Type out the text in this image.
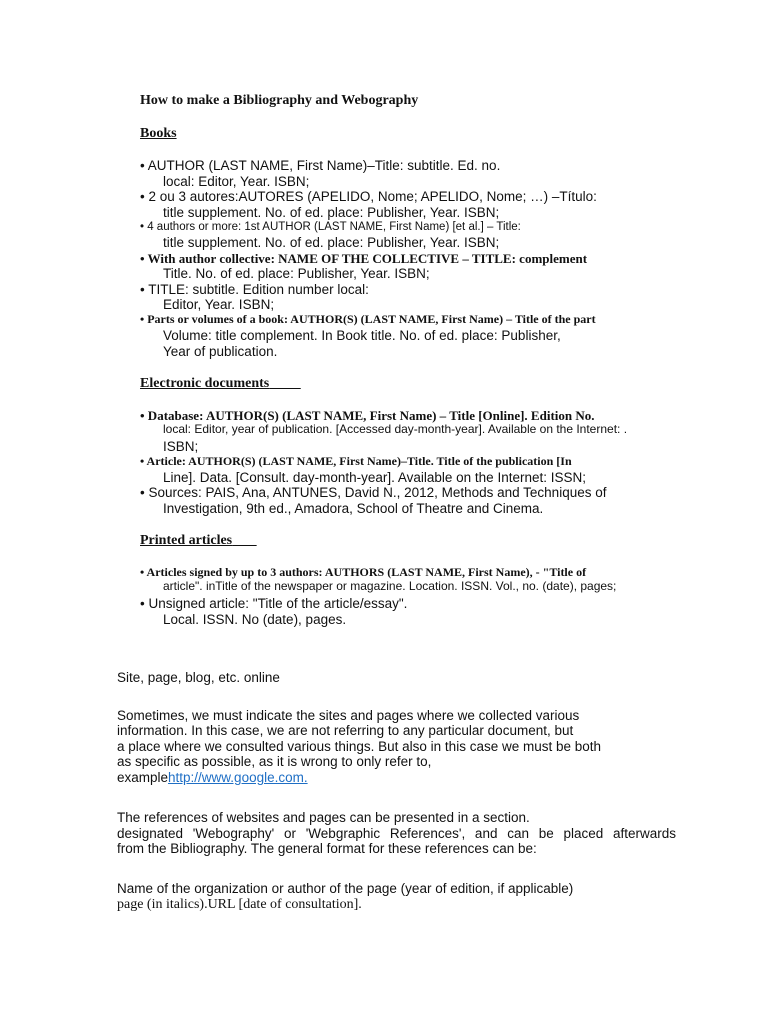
How to make a Bibliography and Webography
Books
• AUTHOR (LAST NAME, First Name)–Title: subtitle. Ed. no.
local: Editor, Year. ISBN;
• 2 ou 3 autores:AUTORES (APELIDO, Nome; APELIDO, Nome; …) –Título:
title supplement. No. of ed. place: Publisher, Year. ISBN;
• 4 authors or more: 1st AUTHOR (LAST NAME, First Name) [et al.] – Title:
title supplement. No. of ed. place: Publisher, Year. ISBN;
• With author collective: NAME OF THE COLLECTIVE – TITLE: complement
Title. No. of ed. place: Publisher, Year. ISBN;
• TITLE: subtitle. Edition number local:
Editor, Year. ISBN;
• Parts or volumes of a book: AUTHOR(S) (LAST NAME, First Name) – Title of the part
Volume: title complement. In Book title. No. of ed. place: Publisher,
Year of publication.
Electronic documents
• Database: AUTHOR(S) (LAST NAME, First Name) – Title [Online]. Edition No.
local: Editor, year of publication. [Accessed day-month-year]. Available on the Internet: .
ISBN;
• Article: AUTHOR(S) (LAST NAME, First Name)–Title. Title of the publication [In
Line]. Data. [Consult. day-month-year]. Available on the Internet: ISSN;
• Sources: PAIS, Ana, ANTUNES, David N., 2012, Methods and Techniques of
Investigation, 9th ed., Amadora, School of Theatre and Cinema.
Printed articles
• Articles signed by up to 3 authors: AUTHORS (LAST NAME, First Name), - "Title of
article". inTitle of the newspaper or magazine. Location. ISSN. Vol., no. (date), pages;
• Unsigned article: "Title of the article/essay".
Local. ISSN. No (date), pages.
Site, page, blog, etc. online
Sometimes, we must indicate the sites and pages where we collected various
information. In this case, we are not referring to any particular document, but
a place where we consulted various things. But also in this case we must be both
as specific as possible, as it is wrong to only refer to,
examplehttp://www.google.com.
The references of websites and pages can be presented in a section.
designated 'Webography' or 'Webgraphic References', and can be placed afterwards
from the Bibliography. The general format for these references can be:
Name of the organization or author of the page (year of edition, if applicable)
page (in italics).URL [date of consultation].
